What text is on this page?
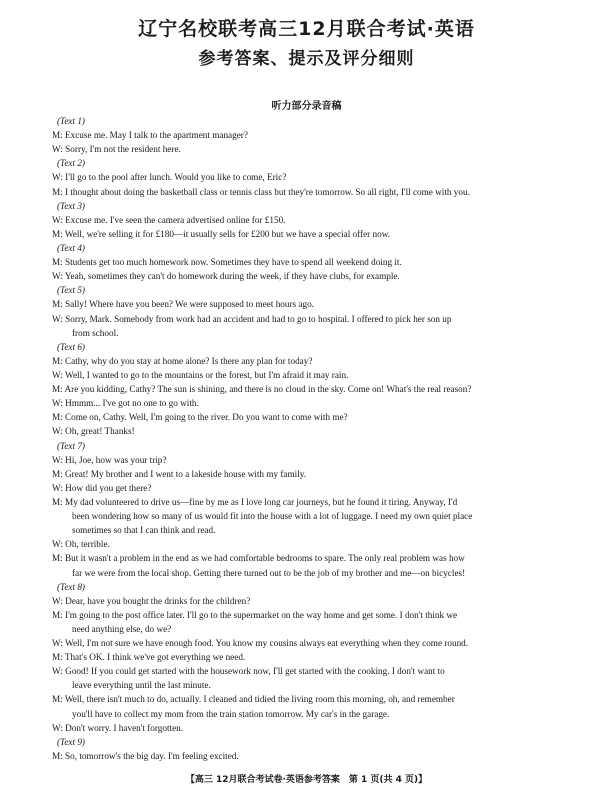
辽宁名校联考高三12月联合考试·英语
参考答案、提示及评分细则
听力部分录音稿
(Text 1)
M: Excuse me. May I talk to the apartment manager?
W: Sorry, I'm not the resident here.
(Text 2)
W: I'll go to the pool after lunch. Would you like to come, Eric?
M: I thought about doing the basketball class or tennis class but they're tomorrow. So all right, I'll come with you.
(Text 3)
W: Excuse me. I've seen the camera advertised online for £150.
M: Well, we're selling it for £180—it usually sells for £200 but we have a special offer now.
(Text 4)
M: Students get too much homework now. Sometimes they have to spend all weekend doing it.
W: Yeah, sometimes they can't do homework during the week, if they have clubs, for example.
(Text 5)
M: Sally! Where have you been? We were supposed to meet hours ago.
W: Sorry, Mark. Somebody from work had an accident and had to go to hospital. I offered to pick her son up
from school.
(Text 6)
M: Cathy, why do you stay at home alone? Is there any plan for today?
W: Well, I wanted to go to the mountains or the forest, but I'm afraid it may rain.
M: Are you kidding, Cathy? The sun is shining, and there is no cloud in the sky. Come on! What's the real reason?
W: Hmmm... I've got no one to go with.
M: Come on, Cathy. Well, I'm going to the river. Do you want to come with me?
W: Oh, great! Thanks!
(Text 7)
W: Hi, Joe, how was your trip?
M: Great! My brother and I went to a lakeside house with my family.
W: How did you get there?
M: My dad volunteered to drive us—fine by me as I love long car journeys, but he found it tiring. Anyway, I'd
been wondering how so many of us would fit into the house with a lot of luggage. I need my own quiet place
sometimes so that I can think and read.
W: Oh, terrible.
M: But it wasn't a problem in the end as we had comfortable bedrooms to spare. The only real problem was how
far we were from the local shop. Getting there turned out to be the job of my brother and me—on bicycles!
(Text 8)
W: Dear, have you bought the drinks for the children?
M: I'm going to the post office later. I'll go to the supermarket on the way home and get some. I don't think we
need anything else, do we?
W: Well, I'm not sure we have enough food. You know my cousins always eat everything when they come round.
M: That's OK. I think we've got everything we need.
W: Good! If you could get started with the housework now, I'll get started with the cooking. I don't want to
leave everything until the last minute.
M: Well, there isn't much to do, actually. I cleaned and tidied the living room this morning, oh, and remember
you'll have to collect my mom from the train station tomorrow. My car's in the garage.
W: Don't worry. I haven't forgotten.
(Text 9)
M: So, tomorrow's the big day. I'm feeling excited.
【高三 12月联合考试卷·英语参考答案　第 1 页(共 4 页)】
